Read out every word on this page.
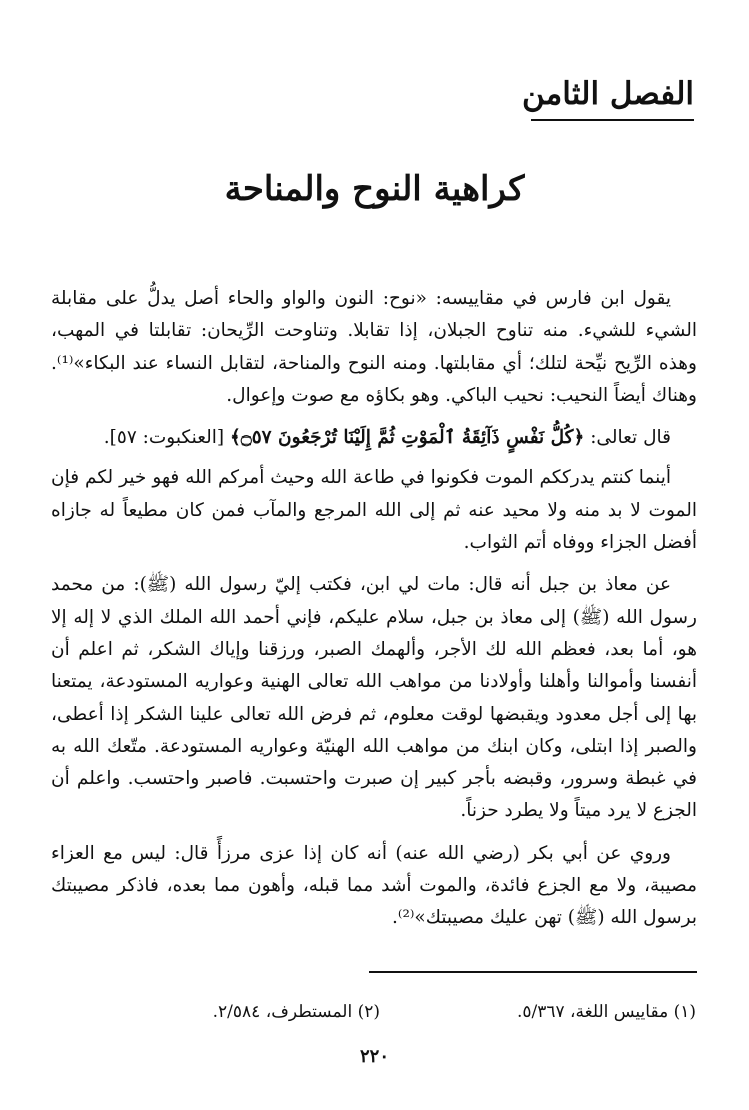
الفصل الثامن
كراهية النوح والمناحة

يقول ابن فارس في مقاييسه: «نوح: النون والواو والحاء أصل يدلُّ على مقابلة الشيء للشيء. منه تناوح الجبلان، إذا تقابلا. وتناوحت الرِّيحان: تقابلتا في المهب، وهذه الرِّيح نيِّحة لتلك؛ أي مقابلتها. ومنه النوح والمناحة، لتقابل النساء عند البكاء»⁽¹⁾. وهناك أيضاً النحيب: نحيب الباكي. وهو بكاؤه مع صوت وإعوال.

قال تعالى: ﴿كُلُّ نَفْسٍ ذَآئِقَةُ ٱلْمَوْتِ ثُمَّ إِلَيْنَا تُرْجَعُونَ ۝٥٧﴾ [العنكبوت: ٥٧].

أينما كنتم يدرككم الموت فكونوا في طاعة الله وحيث أمركم الله فهو خير لكم فإن الموت لا بد منه ولا محيد عنه ثم إلى الله المرجع والمآب فمن كان مطيعاً له جازاه أفضل الجزاء ووفاه أتم الثواب.

عن معاذ بن جبل أنه قال: مات لي ابن، فكتب إليّ رسول الله (ﷺ): من محمد رسول الله (ﷺ) إلى معاذ بن جبل، سلام عليكم، فإني أحمد الله الملك الذي لا إله إلا هو، أما بعد، فعظم الله لك الأجر، وألهمك الصبر، ورزقنا وإياك الشكر، ثم اعلم أن أنفسنا وأموالنا وأهلنا وأولادنا من مواهب الله تعالى الهنية وعواريه المستودعة، يمتعنا بها إلى أجل معدود ويقبضها لوقت معلوم، ثم فرض الله تعالى علينا الشكر إذا أعطى، والصبر إذا ابتلى، وكان ابنك من مواهب الله الهنيّة وعواريه المستودعة. متّعك الله به في غبطة وسرور، وقبضه بأجر كبير إن صبرت واحتسبت. فاصبر واحتسب. واعلم أن الجزع لا يرد ميتاً ولا يطرد حزناً.

وروي عن أبي بكر (رضي الله عنه) أنه كان إذا عزى مرزأً قال: ليس مع العزاء مصيبة، ولا مع الجزع فائدة، والموت أشد مما قبله، وأهون مما بعده، فاذكر مصيبتك برسول الله (ﷺ) تهن عليك مصيبتك»⁽²⁾.

(١) مقاييس اللغة، ٥/٣٦٧.
(٢) المستطرف، ٢/٥٨٤.
٢٢٠
